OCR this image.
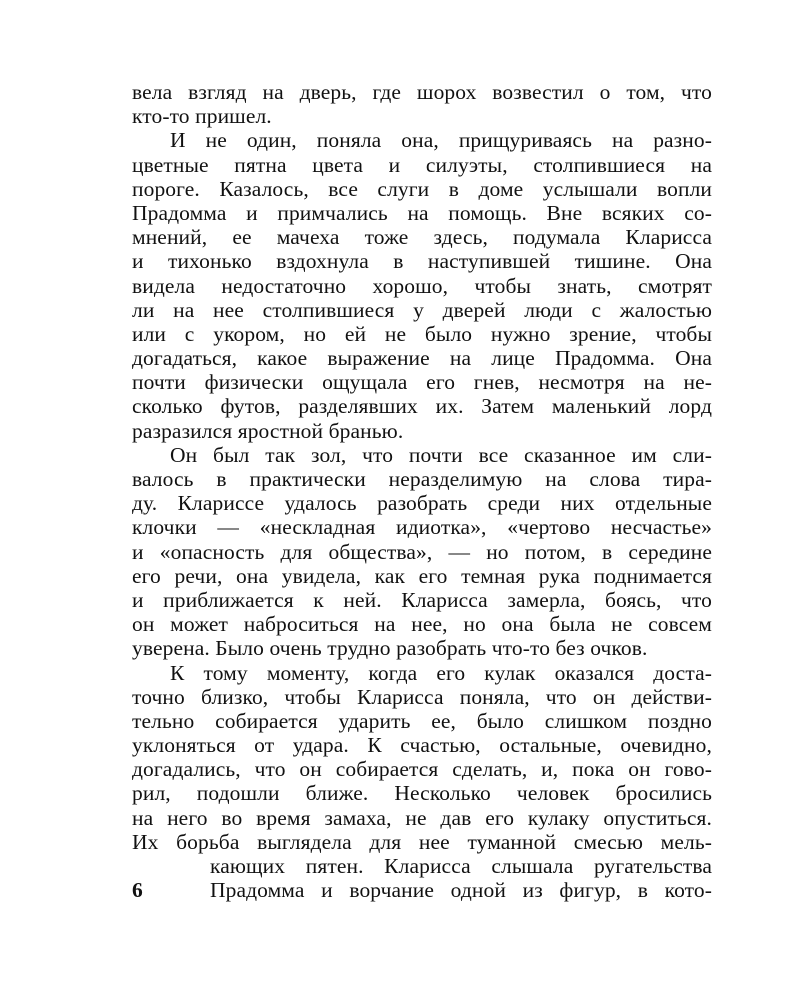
вела взгляд на дверь, где шорох возвестил о том, что
кто-то пришел.
И не один, поняла она, прищуриваясь на разно-
цветные пятна цвета и силуэты, столпившиеся на
пороге. Казалось, все слуги в доме услышали вопли
Прадомма и примчались на помощь. Вне всяких со-
мнений, ее мачеха тоже здесь, подумала Кларисса
и тихонько вздохнула в наступившей тишине. Она
видела недостаточно хорошо, чтобы знать, смотрят
ли на нее столпившиеся у дверей люди с жалостью
или с укором, но ей не было нужно зрение, чтобы
догадаться, какое выражение на лице Прадомма. Она
почти физически ощущала его гнев, несмотря на не-
сколько футов, разделявших их. Затем маленький лорд
разразился яростной бранью.
Он был так зол, что почти все сказанное им сли-
валось в практически неразделимую на слова тира-
ду. Клариссе удалось разобрать среди них отдельные
клочки — «нескладная идиотка», «чертово несчастье»
и «опасность для общества», — но потом, в середине
его речи, она увидела, как его темная рука поднимается
и приближается к ней. Кларисса замерла, боясь, что
он может наброситься на нее, но она была не совсем
уверена. Было очень трудно разобрать что-то без очков.
К тому моменту, когда его кулак оказался доста-
точно близко, чтобы Кларисса поняла, что он действи-
тельно собирается ударить ее, было слишком поздно
уклоняться от удара. К счастью, остальные, очевидно,
догадались, что он собирается сделать, и, пока он гово-
рил, подошли ближе. Несколько человек бросились
на него во время замаха, не дав его кулаку опуститься.
Их борьба выглядела для нее туманной смесью мель-
кающих пятен. Кларисса слышала ругательства
6	Прадомма и ворчание одной из фигур, в кото-
